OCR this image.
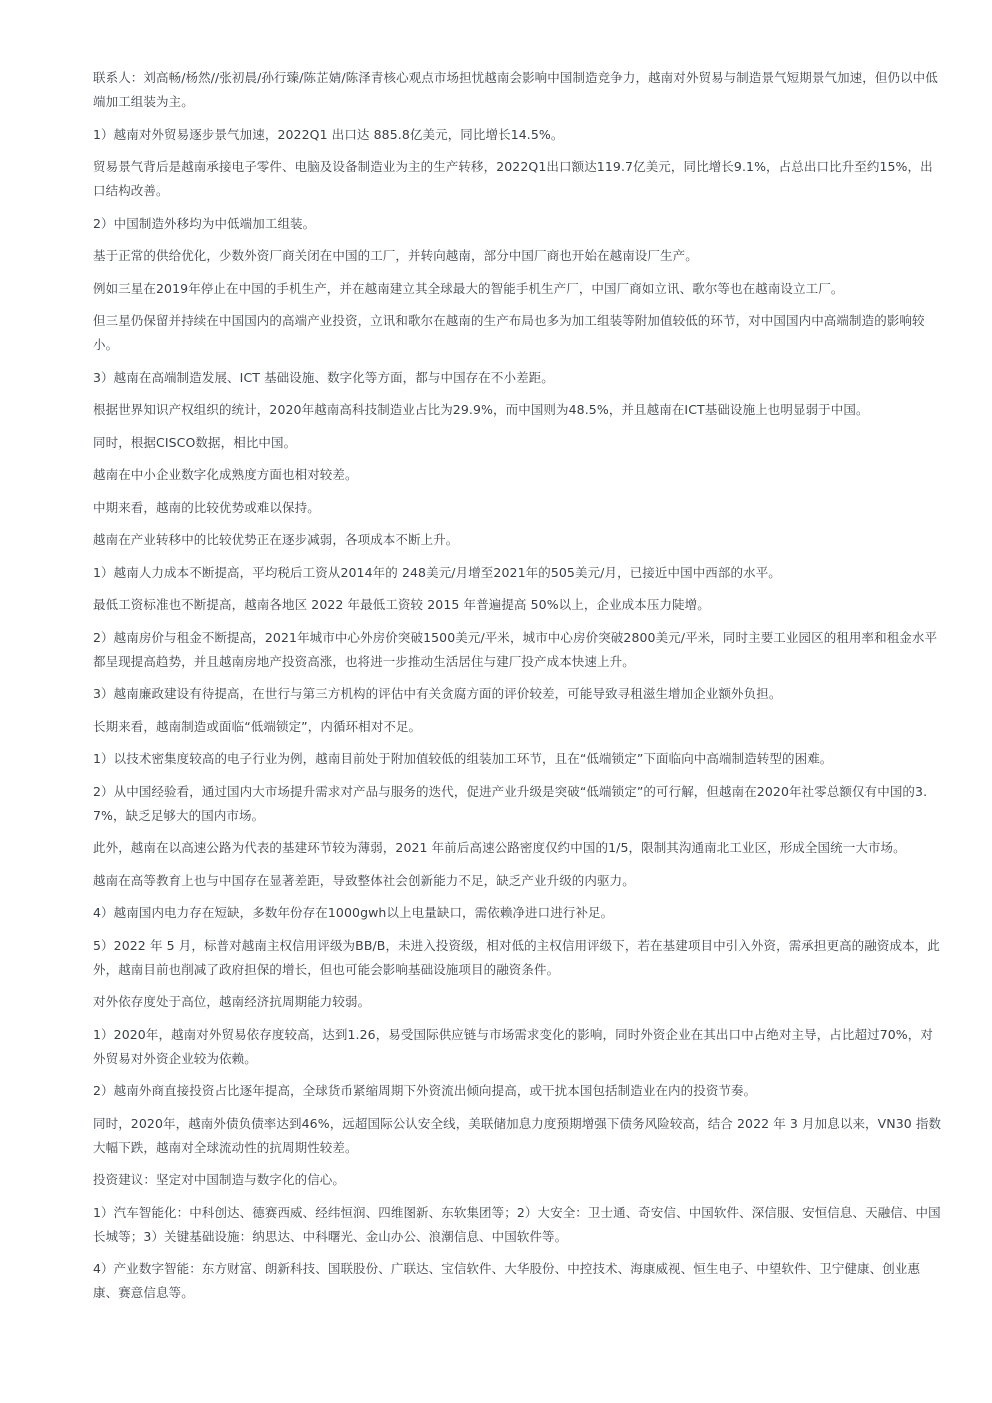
联系人：刘高畅/杨然//张初晨/孙行臻/陈芷婧/陈泽青核心观点市场担忧越南会影响中国制造竞争力，越南对外贸易与制造景气短期景气加速，但仍以中低端加工组装为主。

1）越南对外贸易逐步景气加速，2022Q1 出口达 885.8亿美元，同比增长14.5%。

贸易景气背后是越南承接电子零件、电脑及设备制造业为主的生产转移，2022Q1出口额达119.7亿美元，同比增长9.1%，占总出口比升至约15%，出口结构改善。

2）中国制造外移均为中低端加工组装。

基于正常的供给优化，少数外资厂商关闭在中国的工厂，并转向越南，部分中国厂商也开始在越南设厂生产。

例如三星在2019年停止在中国的手机生产，并在越南建立其全球最大的智能手机生产厂，中国厂商如立讯、歌尔等也在越南设立工厂。

但三星仍保留并持续在中国国内的高端产业投资，立讯和歌尔在越南的生产布局也多为加工组装等附加值较低的环节，对中国国内中高端制造的影响较小。

3）越南在高端制造发展、ICT 基础设施、数字化等方面，都与中国存在不小差距。

根据世界知识产权组织的统计，2020年越南高科技制造业占比为29.9%，而中国则为48.5%，并且越南在ICT基础设施上也明显弱于中国。

同时，根据CISCO数据，相比中国。

越南在中小企业数字化成熟度方面也相对较差。

中期来看，越南的比较优势或难以保持。

越南在产业转移中的比较优势正在逐步减弱，各项成本不断上升。

1）越南人力成本不断提高，平均税后工资从2014年的 248美元/月增至2021年的505美元/月，已接近中国中西部的水平。

最低工资标准也不断提高，越南各地区 2022 年最低工资较 2015 年普遍提高 50%以上，企业成本压力陡增。

2）越南房价与租金不断提高，2021年城市中心外房价突破1500美元/平米，城市中心房价突破2800美元/平米，同时主要工业园区的租用率和租金水平都呈现提高趋势，并且越南房地产投资高涨，也将进一步推动生活居住与建厂投产成本快速上升。

3）越南廉政建设有待提高，在世行与第三方机构的评估中有关贪腐方面的评价较差，可能导致寻租滋生增加企业额外负担。

长期来看，越南制造或面临“低端锁定”，内循环相对不足。

1）以技术密集度较高的电子行业为例，越南目前处于附加值较低的组装加工环节，且在“低端锁定”下面临向中高端制造转型的困难。

2）从中国经验看，通过国内大市场提升需求对产品与服务的迭代，促进产业升级是突破“低端锁定”的可行解，但越南在2020年社零总额仅有中国的3.7%，缺乏足够大的国内市场。

此外，越南在以高速公路为代表的基建环节较为薄弱，2021 年前后高速公路密度仅约中国的1/5，限制其沟通南北工业区，形成全国统一大市场。

越南在高等教育上也与中国存在显著差距，导致整体社会创新能力不足，缺乏产业升级的内驱力。

4）越南国内电力存在短缺，多数年份存在1000gwh以上电量缺口，需依赖净进口进行补足。

5）2022 年 5 月，标普对越南主权信用评级为BB/B，未进入投资级，相对低的主权信用评级下，若在基建项目中引入外资，需承担更高的融资成本，此外，越南目前也削减了政府担保的增长，但也可能会影响基础设施项目的融资条件。

对外依存度处于高位，越南经济抗周期能力较弱。

1）2020年，越南对外贸易依存度较高，达到1.26，易受国际供应链与市场需求变化的影响，同时外资企业在其出口中占绝对主导，占比超过70%，对外贸易对外资企业较为依赖。

2）越南外商直接投资占比逐年提高，全球货币紧缩周期下外资流出倾向提高，或干扰本国包括制造业在内的投资节奏。

同时，2020年，越南外债负债率达到46%，远超国际公认安全线，美联储加息力度预期增强下债务风险较高，结合 2022 年 3 月加息以来，VN30 指数大幅下跌，越南对全球流动性的抗周期性较差。

投资建议：坚定对中国制造与数字化的信心。

1）汽车智能化：中科创达、德赛西威、经纬恒润、四维图新、东软集团等；2）大安全：卫士通、奇安信、中国软件、深信服、安恒信息、天融信、中国长城等；3）关键基础设施：纳思达、中科曙光、金山办公、浪潮信息、中国软件等。

4）产业数字智能：东方财富、朗新科技、国联股份、广联达、宝信软件、大华股份、中控技术、海康威视、恒生电子、中望软件、卫宁健康、创业惠康、赛意信息等。
